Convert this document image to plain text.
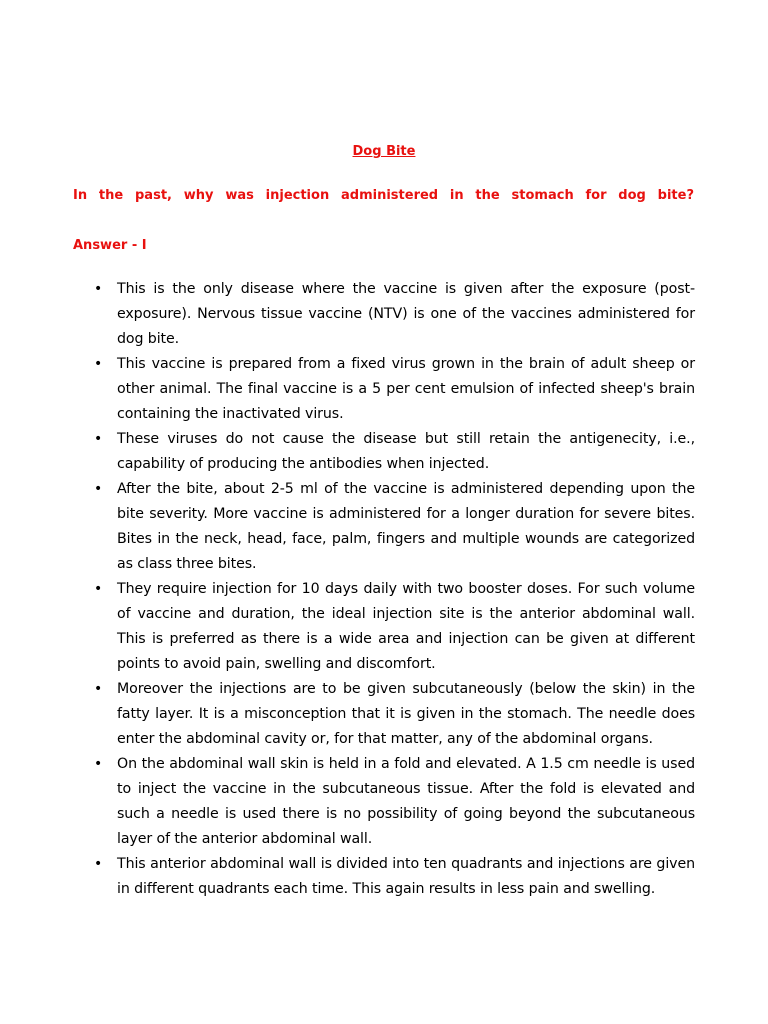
Dog Bite
In the past, why was injection administered in the stomach for dog bite?
Answer - I
• This is the only disease where the vaccine is given after the exposure (post-exposure). Nervous tissue vaccine (NTV) is one of the vaccines administered for dog bite.
• This vaccine is prepared from a fixed virus grown in the brain of adult sheep or other animal. The final vaccine is a 5 per cent emulsion of infected sheep's brain containing the inactivated virus.
• These viruses do not cause the disease but still retain the antigenecity, i.e., capability of producing the antibodies when injected.
• After the bite, about 2-5 ml of the vaccine is administered depending upon the bite severity. More vaccine is administered for a longer duration for severe bites. Bites in the neck, head, face, palm, fingers and multiple wounds are categorized as class three bites.
• They require injection for 10 days daily with two booster doses. For such volume of vaccine and duration, the ideal injection site is the anterior abdominal wall. This is preferred as there is a wide area and injection can be given at different points to avoid pain, swelling and discomfort.
• Moreover the injections are to be given subcutaneously (below the skin) in the fatty layer. It is a misconception that it is given in the stomach. The needle does enter the abdominal cavity or, for that matter, any of the abdominal organs.
• On the abdominal wall skin is held in a fold and elevated. A 1.5 cm needle is used to inject the vaccine in the subcutaneous tissue. After the fold is elevated and such a needle is used there is no possibility of going beyond the subcutaneous layer of the anterior abdominal wall.
• This anterior abdominal wall is divided into ten quadrants and injections are given in different quadrants each time. This again results in less pain and swelling.
